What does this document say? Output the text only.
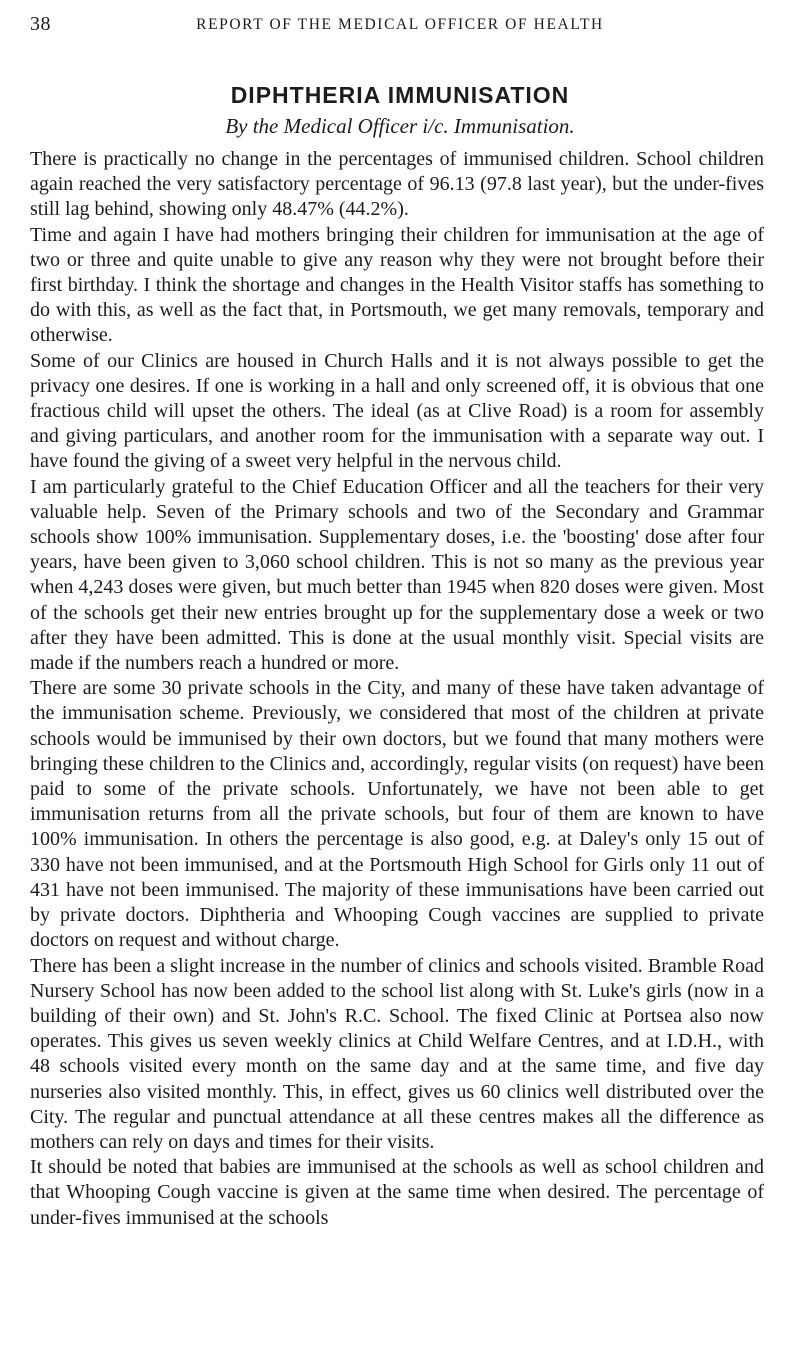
38	REPORT OF THE MEDICAL OFFICER OF HEALTH
DIPHTHERIA IMMUNISATION
By the Medical Officer i/c. Immunisation.

There is practically no change in the percentages of immunised children. School children again reached the very satisfactory percentage of 96.13 (97.8 last year), but the under-fives still lag behind, showing only 48.47% (44.2%).

Time and again I have had mothers bringing their children for immunisation at the age of two or three and quite unable to give any reason why they were not brought before their first birthday. I think the shortage and changes in the Health Visitor staffs has something to do with this, as well as the fact that, in Portsmouth, we get many removals, temporary and otherwise.

Some of our Clinics are housed in Church Halls and it is not always possible to get the privacy one desires. If one is working in a hall and only screened off, it is obvious that one fractious child will upset the others. The ideal (as at Clive Road) is a room for assembly and giving particulars, and another room for the immunisation with a separate way out. I have found the giving of a sweet very helpful in the nervous child.

I am particularly grateful to the Chief Education Officer and all the teachers for their very valuable help. Seven of the Primary schools and two of the Secondary and Grammar schools show 100% immunisation. Supplementary doses, i.e. the 'boosting' dose after four years, have been given to 3,060 school children. This is not so many as the previous year when 4,243 doses were given, but much better than 1945 when 820 doses were given. Most of the schools get their new entries brought up for the supplementary dose a week or two after they have been admitted. This is done at the usual monthly visit. Special visits are made if the numbers reach a hundred or more.

There are some 30 private schools in the City, and many of these have taken advantage of the immunisation scheme. Previously, we considered that most of the children at private schools would be immunised by their own doctors, but we found that many mothers were bringing these children to the Clinics and, accordingly, regular visits (on request) have been paid to some of the private schools. Unfortunately, we have not been able to get immunisation returns from all the private schools, but four of them are known to have 100% immunisation. In others the percentage is also good, e.g. at Daley's only 15 out of 330 have not been immunised, and at the Portsmouth High School for Girls only 11 out of 431 have not been immunised. The majority of these immunisations have been carried out by private doctors. Diphtheria and Whooping Cough vaccines are supplied to private doctors on request and without charge.

There has been a slight increase in the number of clinics and schools visited. Bramble Road Nursery School has now been added to the school list along with St. Luke's girls (now in a building of their own) and St. John's R.C. School. The fixed Clinic at Portsea also now operates. This gives us seven weekly clinics at Child Welfare Centres, and at I.D.H., with 48 schools visited every month on the same day and at the same time, and five day nurseries also visited monthly. This, in effect, gives us 60 clinics well distributed over the City. The regular and punctual attendance at all these centres makes all the difference as mothers can rely on days and times for their visits.

It should be noted that babies are immunised at the schools as well as school children and that Whooping Cough vaccine is given at the same time when desired. The percentage of under-fives immunised at the schools
